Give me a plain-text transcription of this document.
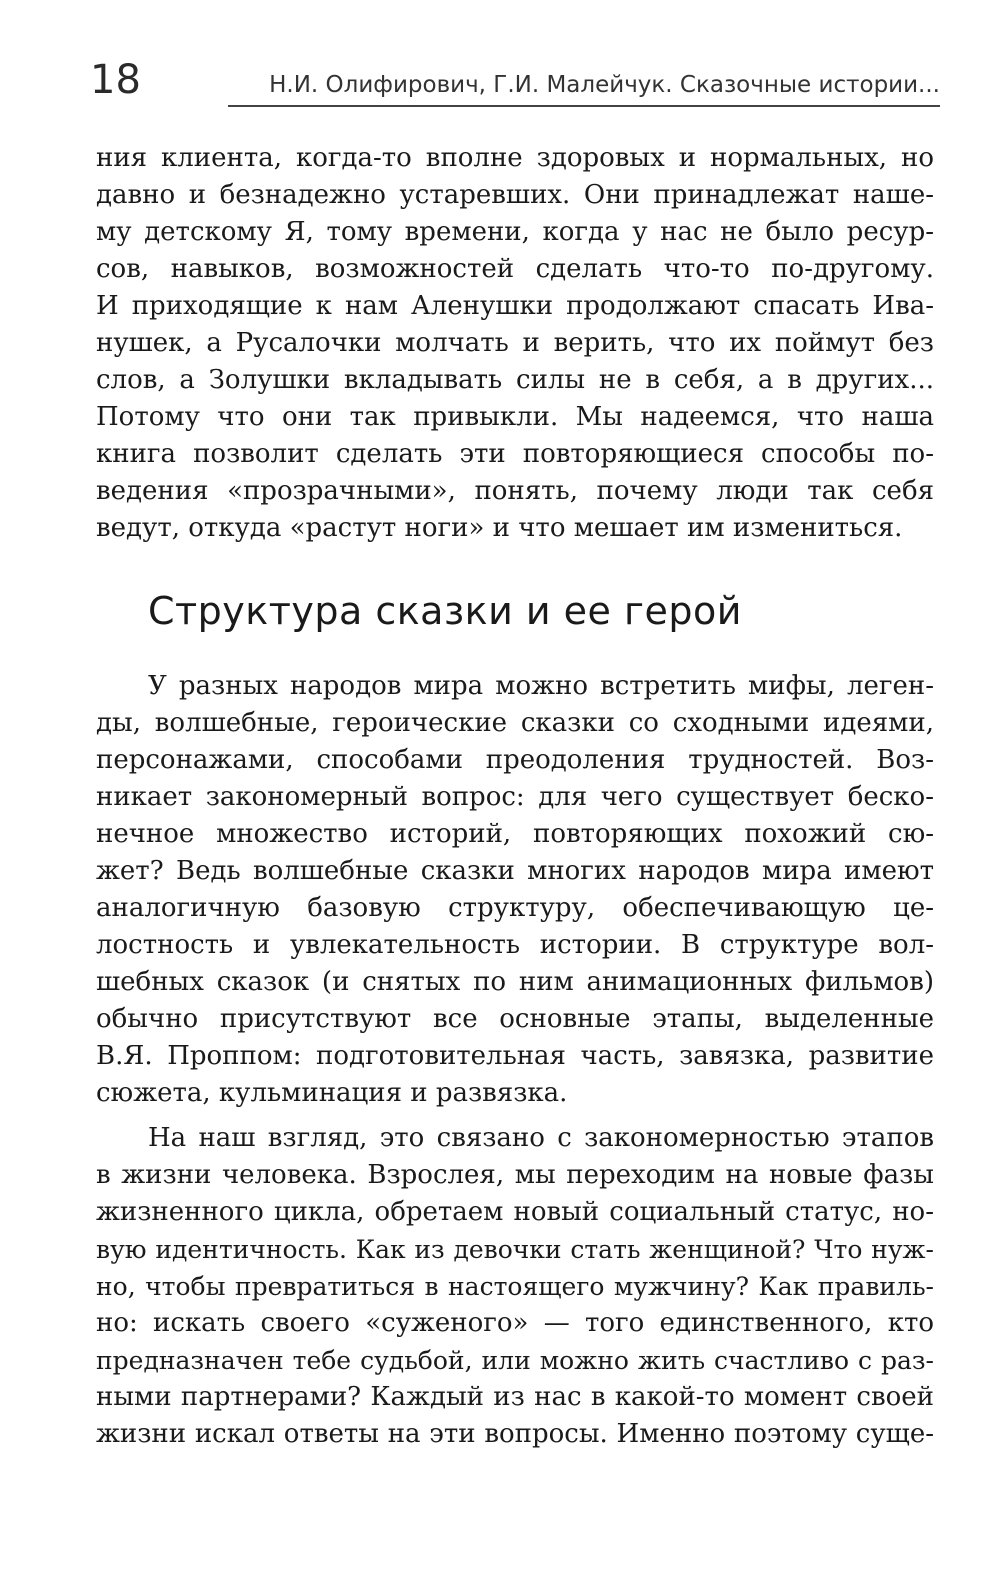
18	Н.И. Олифирович, Г.И. Малейчук. Сказочные истории...
ния клиента, когда-то вполне здоровых и нормальных, но
давно и безнадежно устаревших. Они принадлежат наше-
му детскому Я, тому времени, когда у нас не было ресур-
сов, навыков, возможностей сделать что-то по-другому.
И приходящие к нам Аленушки продолжают спасать Ива-
нушек, а Русалочки молчать и верить, что их поймут без
слов, а Золушки вкладывать силы не в себя, а в других...
Потому что они так привыкли. Мы надеемся, что наша
книга позволит сделать эти повторяющиеся способы по-
ведения «прозрачными», понять, почему люди так себя
ведут, откуда «растут ноги» и что мешает им измениться.
Структура сказки и ее герой
У разных народов мира можно встретить мифы, леген-
ды, волшебные, героические сказки со сходными идеями,
персонажами, способами преодоления трудностей. Воз-
никает закономерный вопрос: для чего существует беско-
нечное множество историй, повторяющих похожий сю-
жет? Ведь волшебные сказки многих народов мира имеют
аналогичную базовую структуру, обеспечивающую це-
лостность и увлекательность истории. В структуре вол-
шебных сказок (и снятых по ним анимационных фильмов)
обычно присутствуют все основные этапы, выделенные
В.Я. Проппом: подготовительная часть, завязка, развитие
сюжета, кульминация и развязка.
На наш взгляд, это связано с закономерностью этапов
в жизни человека. Взрослея, мы переходим на новые фазы
жизненного цикла, обретаем новый социальный статус, но-
вую идентичность. Как из девочки стать женщиной? Что нуж-
но, чтобы превратиться в настоящего мужчину? Как правиль-
но: искать своего «суженого» — того единственного, кто
предназначен тебе судьбой, или можно жить счастливо с раз-
ными партнерами? Каждый из нас в какой-то момент своей
жизни искал ответы на эти вопросы. Именно поэтому суще-
